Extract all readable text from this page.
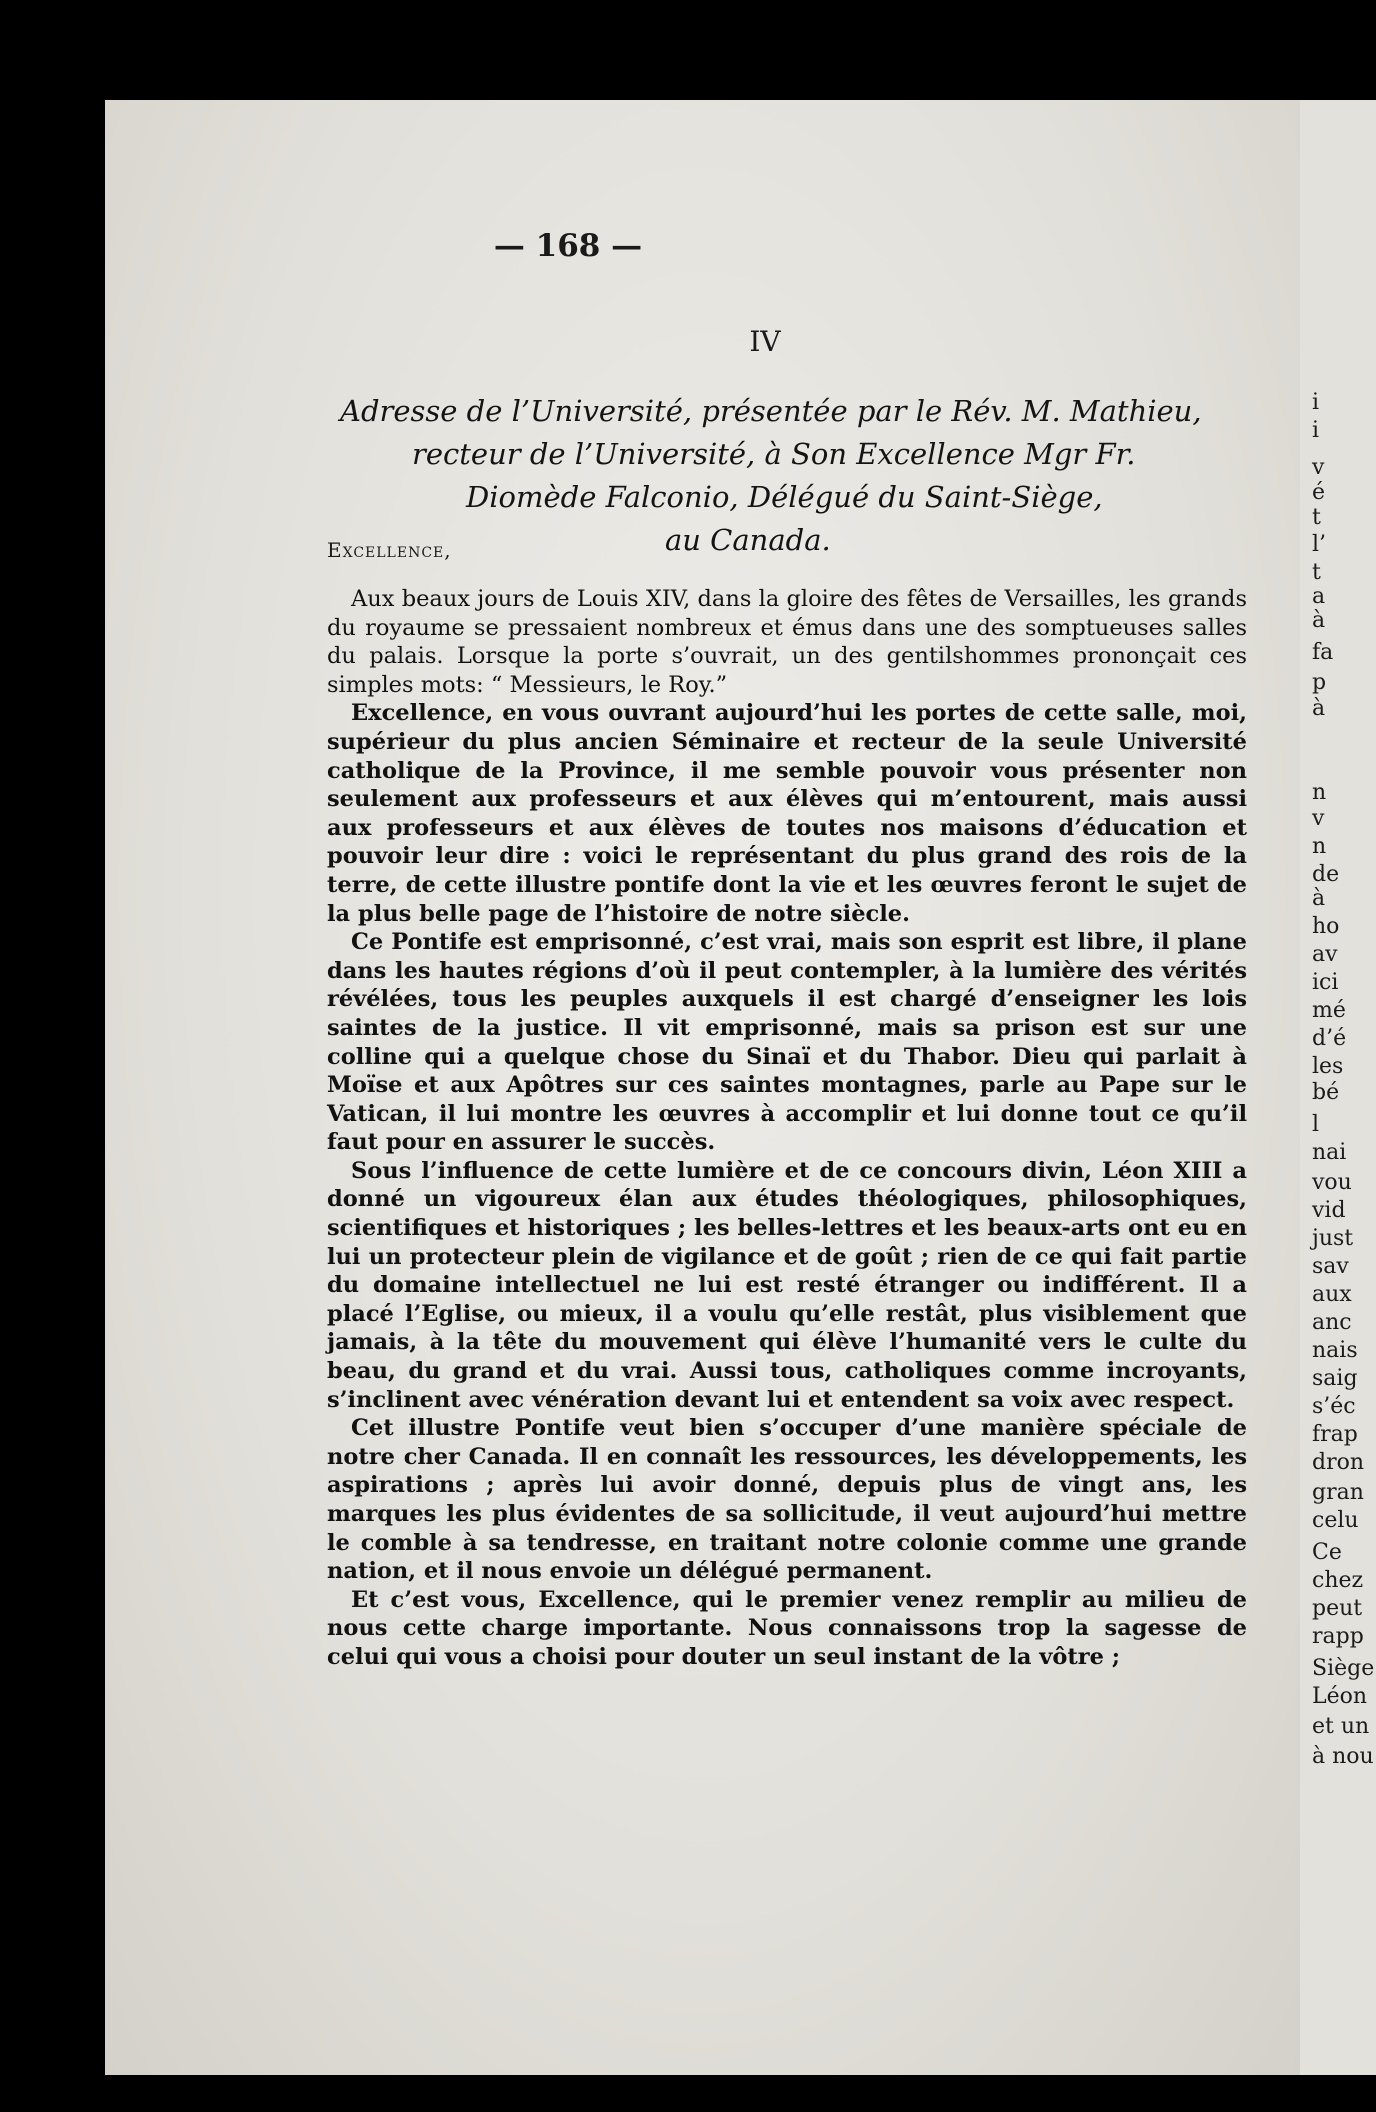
— 168 —
IV
Adresse de l’Université, présentée par le Rév. M. Mathieu,
recteur de l’Université, à Son Excellence Mgr Fr.
Diomède Falconio, Délégué du Saint-Siège,
au Canada.
Excellence,

Aux beaux jours de Louis XIV, dans la gloire des fêtes de Versailles, les grands du royaume se pressaient nombreux et émus dans une des somptueuses salles du palais. Lorsque la porte s’ouvrait, un des gentilshommes prononçait ces simples mots: “ Messieurs, le Roy.”

Excellence, en vous ouvrant aujourd’hui les portes de cette salle, moi, supérieur du plus ancien Séminaire et recteur de la seule Université catholique de la Province, il me semble pouvoir vous présenter non seulement aux professeurs et aux élèves qui m’entourent, mais aussi aux professeurs et aux élèves de toutes nos maisons d’éducation et pouvoir leur dire : voici le représentant du plus grand des rois de la terre, de cette illustre pontife dont la vie et les œuvres feront le sujet de la plus belle page de l’histoire de notre siècle.

Ce Pontife est emprisonné, c’est vrai, mais son esprit est libre, il plane dans les hautes régions d’où il peut contempler, à la lumière des vérités révélées, tous les peuples auxquels il est chargé d’enseigner les lois saintes de la justice. Il vit emprisonné, mais sa prison est sur une colline qui a quelque chose du Sinaï et du Thabor. Dieu qui parlait à Moïse et aux Apôtres sur ces saintes montagnes, parle au Pape sur le Vatican, il lui montre les œuvres à accomplir et lui donne tout ce qu’il faut pour en assurer le succès.

Sous l’influence de cette lumière et de ce concours divin, Léon XIII a donné un vigoureux élan aux études théologiques, philosophiques, scientifiques et historiques ; les belles-lettres et les beaux-arts ont eu en lui un protecteur plein de vigilance et de goût ; rien de ce qui fait partie du domaine intellectuel ne lui est resté étranger ou indifférent. Il a placé l’Eglise, ou mieux, il a voulu qu’elle restât, plus visiblement que jamais, à la tête du mouvement qui élève l’humanité vers le culte du beau, du grand et du vrai. Aussi tous, catholiques comme incroyants, s’inclinent avec vénération devant lui et entendent sa voix avec respect.

Cet illustre Pontife veut bien s’occuper d’une manière spéciale de notre cher Canada. Il en connaît les ressources, les développements, les aspirations ; après lui avoir donné, depuis plus de vingt ans, les marques les plus évidentes de sa sollicitude, il veut aujourd’hui mettre le comble à sa tendresse, en traitant notre colonie comme une grande nation, et il nous envoie un délégué permanent.

Et c’est vous, Excellence, qui le premier venez remplir au milieu de nous cette charge importante. Nous connaissons trop la sagesse de celui qui vous a choisi pour douter un seul instant de la vôtre ;

i
i
v
é
t
l’
t
a
à
fa
p
à
n
v
n
de
à
ho
av
ici
mé
d’é
les
bé
l
nai
vou
vid
just
sav
aux
anc
nais
saig
s’éc
frap
dron
gran
celu
Ce
chez
peut
rapp
Siège
Léon
et un
à nou
